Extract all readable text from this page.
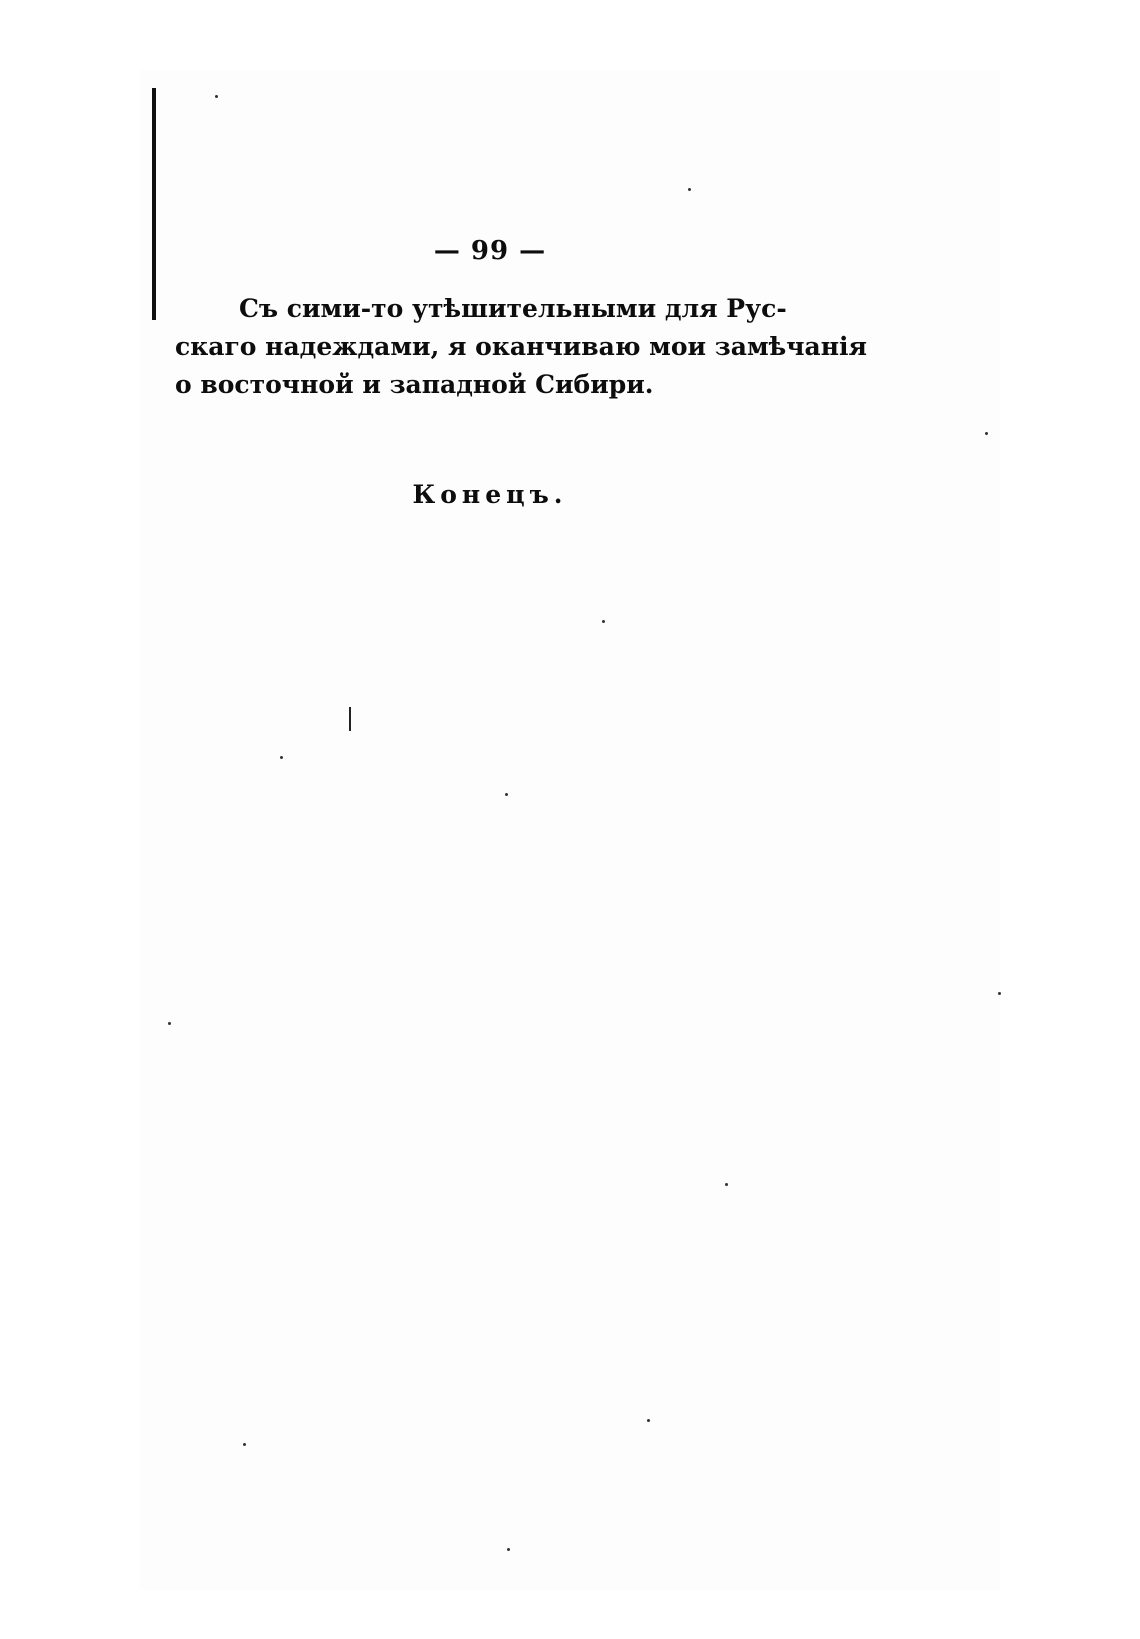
— 99 —
Съ сими-то утѣшительными для Рус-
скаго надеждами, я оканчиваю мои замѣчанія
о восточной и западной Сибири.
Конецъ.
